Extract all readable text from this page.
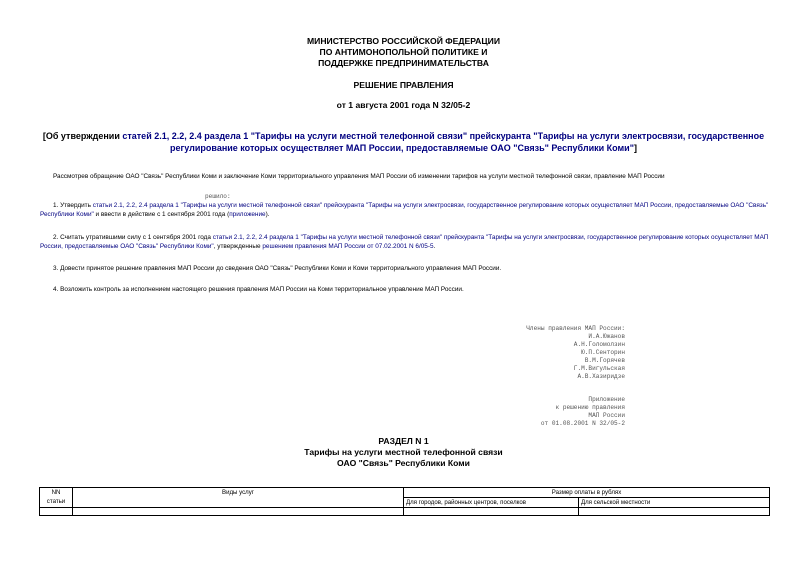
МИНИСТЕРСТВО РОССИЙСКОЙ ФЕДЕРАЦИИ
ПО АНТИМОНОПОЛЬНОЙ ПОЛИТИКЕ И
ПОДДЕРЖКЕ ПРЕДПРИНИМАТЕЛЬСТВА
РЕШЕНИЕ ПРАВЛЕНИЯ
от 1 августа 2001 года N 32/05-2
[Об утверждении статей 2.1, 2.2, 2.4 раздела 1 "Тарифы на услуги местной телефонной связи" прейскуранта "Тарифы на услуги электросвязи, государственное регулирование которых осуществляет МАП России, предоставляемые ОАО "Связь" Республики Коми"]
Рассмотрев обращение ОАО "Связь" Республики Коми и заключение Коми территориального управления МАП России об изменении тарифов на услуги местной телефонной связи, правление МАП России
решило:
1. Утвердить статьи 2.1, 2.2, 2.4 раздела 1 "Тарифы на услуги местной телефонной связи" прейскуранта "Тарифы на услуги электросвязи, государственное регулирование которых осуществляет МАП России, предоставляемые ОАО "Связь" Республики Коми" и ввести в действие с 1 сентября 2001 года (приложение).
2. Считать утратившими силу с 1 сентября 2001 года статьи 2.1, 2.2, 2.4 раздела 1 "Тарифы на услуги местной телефонной связи" прейскуранта "Тарифы на услуги электросвязи, государственное регулирование которых осуществляет МАП России, предоставляемые ОАО "Связь" Республики Коми", утвержденные решением правления МАП России от 07.02.2001 N 6/05-5.
3. Довести принятое решение правления МАП России до сведения ОАО "Связь" Республики Коми и Коми территориального управления МАП России.
4. Возложить контроль за исполнением настоящего решения правления МАП России на Коми территориальное управление МАП России.
Члены правления МАП России:
И.А.Южанов
А.Н.Голомолзин
Ю.П.Сенторин
В.М.Горячев
Г.М.Вигульская
А.В.Хазиридзе
Приложение
к решению правления
МАП России
от 01.08.2001 N 32/05-2
РАЗДЕЛ N 1
Тарифы на услуги местной телефонной связи
ОАО "Связь" Республики Коми
NN
статьи	Виды услуг	Размер оплаты в рублях	
		Для городов, районных центров, поселков	Для сельской местности
